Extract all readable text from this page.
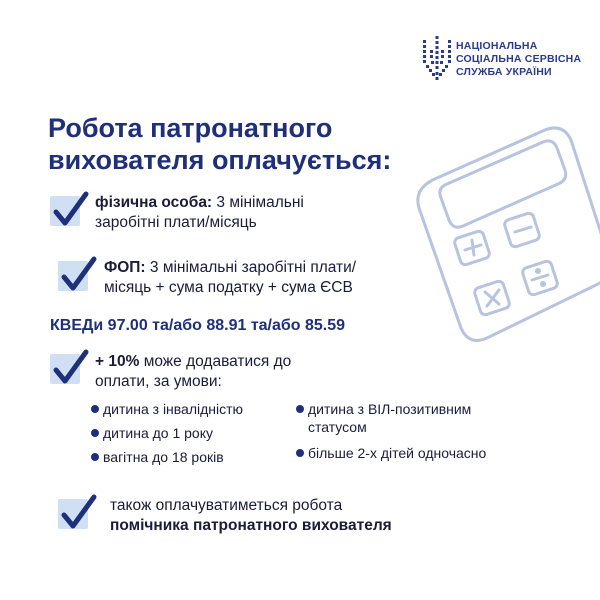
НАЦІОНАЛЬНА
СОЦІАЛЬНА СЕРВІСНА
СЛУЖБА УКРАЇНИ
Робота патронатного
вихователя оплачується:
фізична особа: 3 мінімальні
заробітні плати/місяць
ФОП: 3 мінімальні заробітні плати/
місяць + сума податку + сума ЄСВ
КВЕДи 97.00 та/або 88.91 та/або 85.59
+ 10% може додаватися до
оплати, за умови:
дитина з інвалідністю
дитина до 1 року
вагітна до 18 років
дитина з ВІЛ-позитивним
статусом
більше 2-х дітей одночасно
також оплачуватиметься робота
помічника патронатного вихователя
